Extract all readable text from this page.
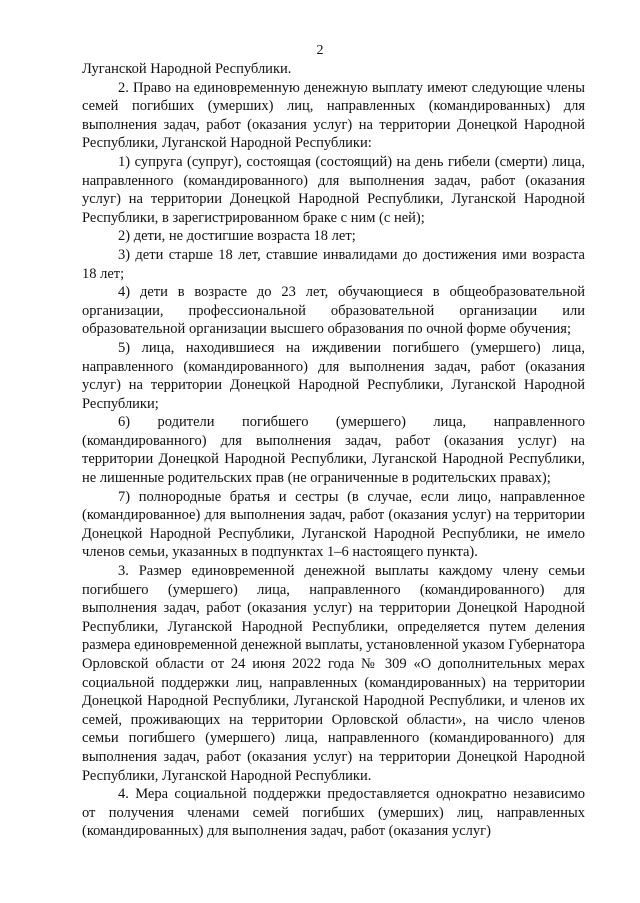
2

Луганской Народной Республики.

2. Право на единовременную денежную выплату имеют следующие члены семей погибших (умерших) лиц, направленных (командированных) для выполнения задач, работ (оказания услуг) на территории Донецкой Народной Республики, Луганской Народной Республики:

1) супруга (супруг), состоящая (состоящий) на день гибели (смерти) лица, направленного (командированного) для выполнения задач, работ (оказания услуг) на территории Донецкой Народной Республики, Луганской Народной Республики, в зарегистрированном браке с ним (с ней);

2) дети, не достигшие возраста 18 лет;

3) дети старше 18 лет, ставшие инвалидами до достижения ими возраста 18 лет;

4) дети в возрасте до 23 лет, обучающиеся в общеобразовательной организации, профессиональной образовательной организации или образовательной организации высшего образования по очной форме обучения;

5) лица, находившиеся на иждивении погибшего (умершего) лица, направленного (командированного) для выполнения задач, работ (оказания услуг) на территории Донецкой Народной Республики, Луганской Народной Республики;

6) родители погибшего (умершего) лица, направленного (командированного) для выполнения задач, работ (оказания услуг) на территории Донецкой Народной Республики, Луганской Народной Республики, не лишенные родительских прав (не ограниченные в родительских правах);

7) полнородные братья и сестры (в случае, если лицо, направленное (командированное) для выполнения задач, работ (оказания услуг) на территории Донецкой Народной Республики, Луганской Народной Республики, не имело членов семьи, указанных в подпунктах 1–6 настоящего пункта).

3. Размер единовременной денежной выплаты каждому члену семьи погибшего (умершего) лица, направленного (командированного) для выполнения задач, работ (оказания услуг) на территории Донецкой Народной Республики, Луганской Народной Республики, определяется путем деления размера единовременной денежной выплаты, установленной указом Губернатора Орловской области от 24 июня 2022 года № 309 «О дополнительных мерах социальной поддержки лиц, направленных (командированных) на территории Донецкой Народной Республики, Луганской Народной Республики, и членов их семей, проживающих на территории Орловской области», на число членов семьи погибшего (умершего) лица, направленного (командированного) для выполнения задач, работ (оказания услуг) на территории Донецкой Народной Республики, Луганской Народной Республики.

4. Мера социальной поддержки предоставляется однократно независимо от получения членами семей погибших (умерших) лиц, направленных (командированных) для выполнения задач, работ (оказания услуг)
